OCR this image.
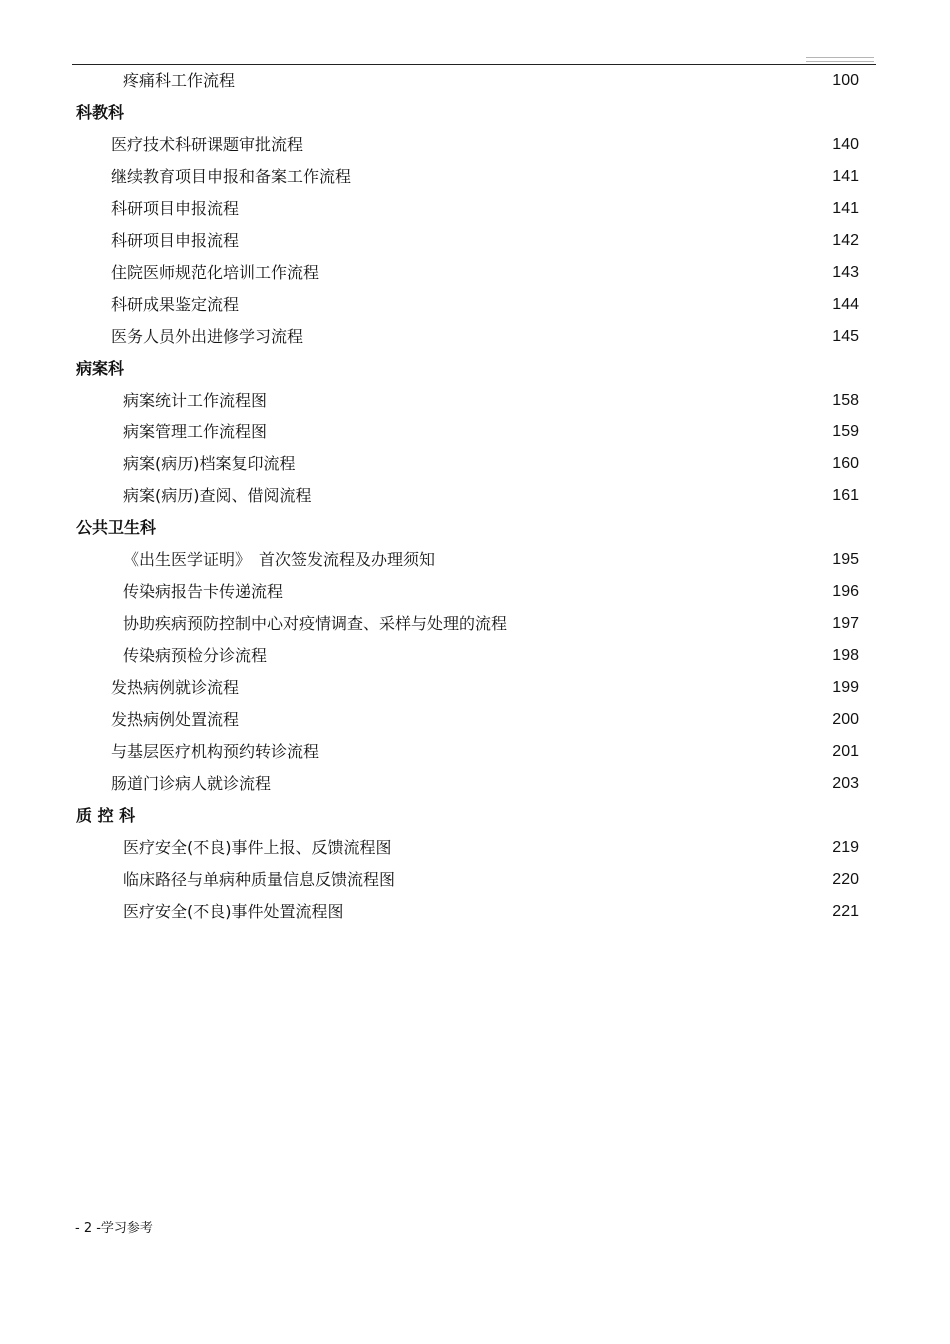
疼痛科工作流程	100
科教科
医疗技术科研课题审批流程	140
继续教育项目申报和备案工作流程	141
科研项目申报流程	141
科研项目申报流程	142
住院医师规范化培训工作流程	143
科研成果鉴定流程	144
医务人员外出进修学习流程	145
病案科
病案统计工作流程图	158
病案管理工作流程图	159
病案(病历)档案复印流程	160
病案(病历)查阅、借阅流程	161
公共卫生科
《出生医学证明》　首次签发流程及办理须知	195
传染病报告卡传递流程	196
协助疾病预防控制中心对疫情调查、采样与处理的流程	197
传染病预检分诊流程	198
发热病例就诊流程	199
发热病例处置流程	200
与基层医疗机构预约转诊流程	201
肠道门诊病人就诊流程	203
质 控 科
医疗安全(不良)事件上报、反馈流程图	219
临床路径与单病种质量信息反馈流程图	220
医疗安全(不良)事件处置流程图	221
- 2 -学习参考
